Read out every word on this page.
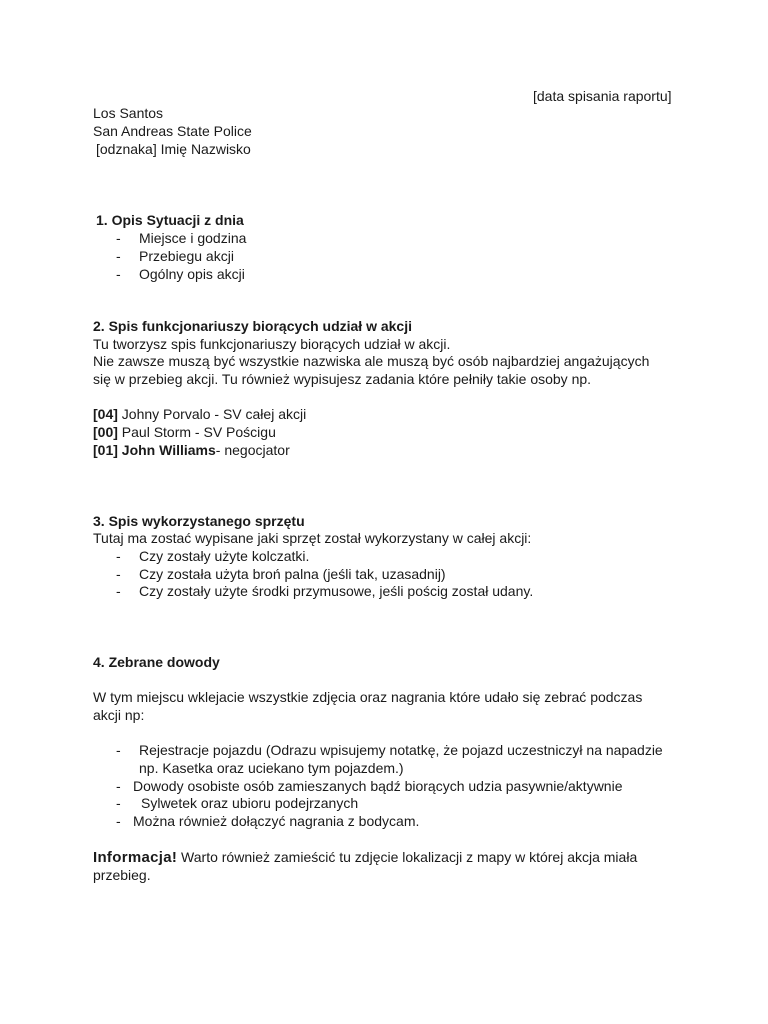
[data spisania raportu]
Los Santos
San Andreas State Police
[odznaka] Imię Nazwisko
1. Opis Sytuacji z dnia
- Miejsce i godzina
- Przebiegu akcji
- Ogólny opis akcji
2. Spis funkcjonariuszy biorących udział w akcji
Tu tworzysz spis funkcjonariuszy biorących udział w akcji.
Nie zawsze muszą być wszystkie nazwiska ale muszą być osób najbardziej angażujących
się w przebieg akcji. Tu również wypisujesz zadania które pełniły takie osoby np.
[04] Johny Porvalo - SV całej akcji
[00] Paul Storm - SV Pościgu
[01] John Williams- negocjator
3. Spis wykorzystanego sprzętu
Tutaj ma zostać wypisane jaki sprzęt został wykorzystany w całej akcji:
- Czy zostały użyte kolczatki.
- Czy została użyta broń palna (jeśli tak, uzasadnij)
- Czy zostały użyte środki przymusowe, jeśli pościg został udany.
4. Zebrane dowody
W tym miejscu wklejacie wszystkie zdjęcia oraz nagrania które udało się zebrać podczas
akcji np:
- Rejestracje pojazdu (Odrazu wpisujemy notatkę, że pojazd uczestniczył na napadzie
np. Kasetka oraz uciekano tym pojazdem.)
- Dowody osobiste osób zamieszanych bądź biorących udzia pasywnie/aktywnie
- Sylwetek oraz ubioru podejrzanych
- Można również dołączyć nagrania z bodycam.
Informacja! Warto również zamieścić tu zdjęcie lokalizacji z mapy w której akcja miała
przebieg.
